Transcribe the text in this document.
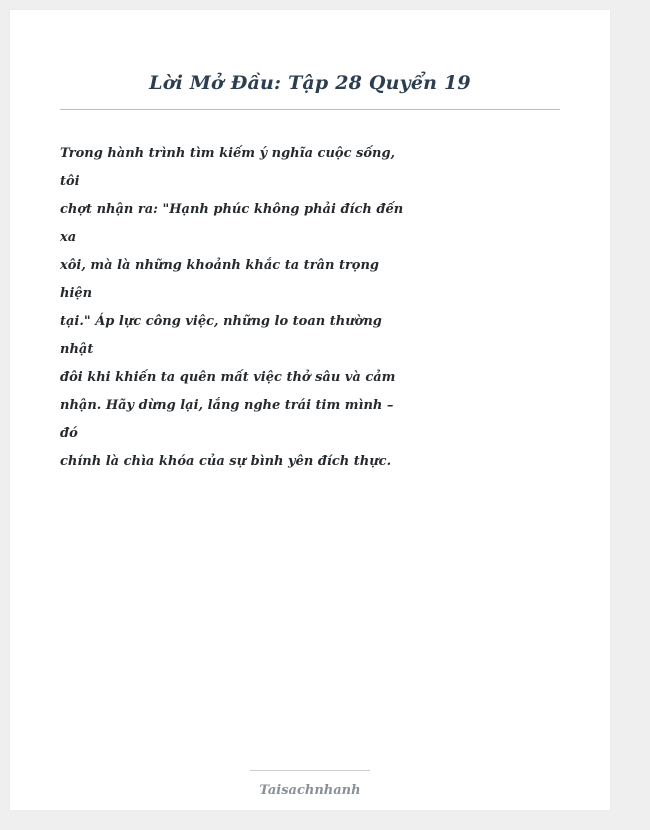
Lời Mở Đầu: Tập 28 Quyển 19
Trong hành trình tìm kiếm ý nghĩa cuộc sống,
tôi
chợt nhận ra: "Hạnh phúc không phải đích đến
xa
xôi, mà là những khoảnh khắc ta trân trọng
hiện
tại." Áp lực công việc, những lo toan thường
nhật
đôi khi khiến ta quên mất việc thở sâu và cảm
nhận. Hãy dừng lại, lắng nghe trái tim mình –
đó
chính là chìa khóa của sự bình yên đích thực.
Taisachnhanh
